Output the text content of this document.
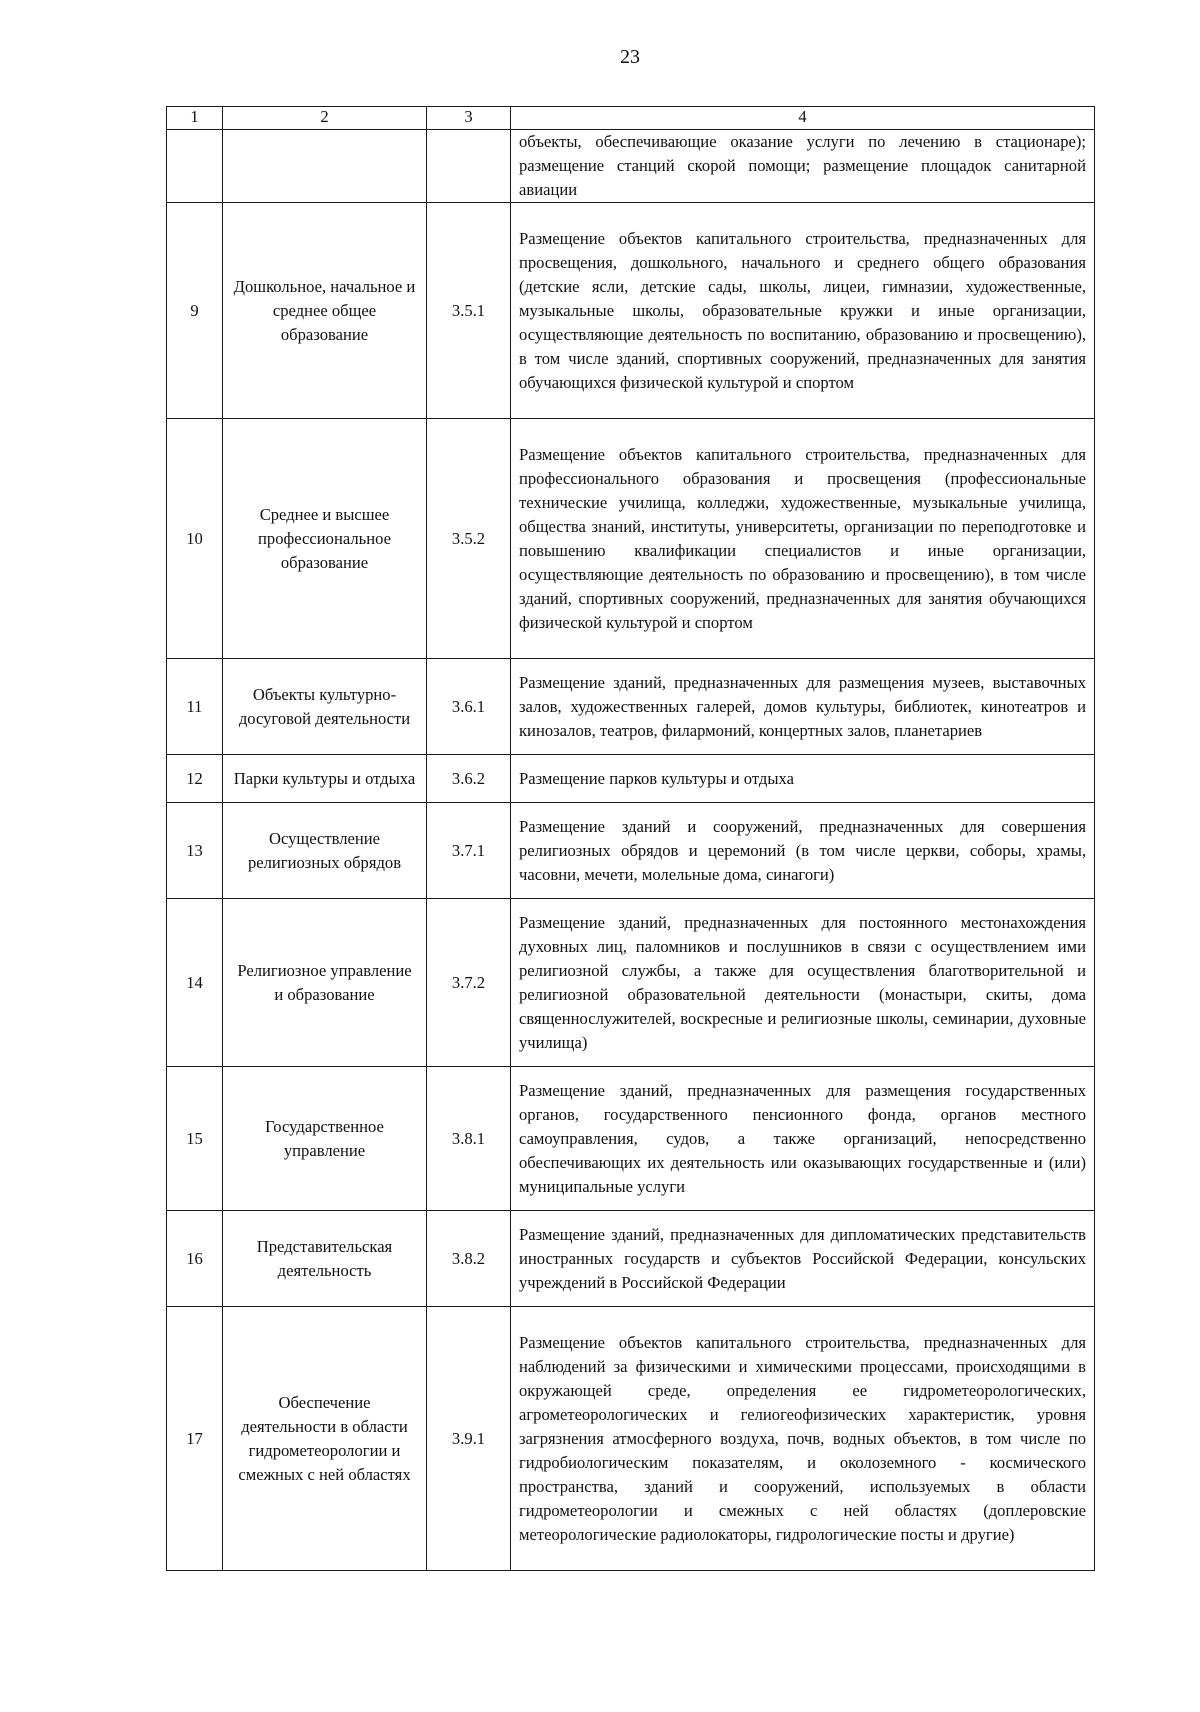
23
1	2	3	4
			объекты, обеспечивающие оказание услуги по лечению в стационаре); размещение станций скорой помощи; размещение площадок санитарной авиации
9	Дошкольное, начальное и среднее общее образование	3.5.1	Размещение объектов капитального строительства, предназначенных для просвещения, дошкольного, начального и среднего общего образования (детские ясли, детские сады, школы, лицеи, гимназии, художественные, музыкальные школы, образовательные кружки и иные организации, осуществляющие деятельность по воспитанию, образованию и просвещению), в том числе зданий, спортивных сооружений, предназначенных для занятия обучающихся физической культурой и спортом
10	Среднее и высшее профессиональное образование	3.5.2	Размещение объектов капитального строительства, предназначенных для профессионального образования и просвещения (профессиональные технические училища, колледжи, художественные, музыкальные училища, общества знаний, институты, университеты, организации по переподготовке и повышению квалификации специалистов и иные организации, осуществляющие деятельность по образованию и просвещению), в том числе зданий, спортивных сооружений, предназначенных для занятия обучающихся физической культурой и спортом
11	Объекты культурно-досуговой деятельности	3.6.1	Размещение зданий, предназначенных для размещения музеев, выставочных залов, художественных галерей, домов культуры, библиотек, кинотеатров и кинозалов, театров, филармоний, концертных залов, планетариев
12	Парки культуры и отдыха	3.6.2	Размещение парков культуры и отдыха
13	Осуществление религиозных обрядов	3.7.1	Размещение зданий и сооружений, предназначенных для совершения религиозных обрядов и церемоний (в том числе церкви, соборы, храмы, часовни, мечети, молельные дома, синагоги)
14	Религиозное управление и образование	3.7.2	Размещение зданий, предназначенных для постоянного местонахождения духовных лиц, паломников и послушников в связи с осуществлением ими религиозной службы, а также для осуществления благотворительной и религиозной образовательной деятельности (монастыри, скиты, дома священнослужителей, воскресные и религиозные школы, семинарии, духовные училища)
15	Государственное управление	3.8.1	Размещение зданий, предназначенных для размещения государственных органов, государственного пенсионного фонда, органов местного самоуправления, судов, а также организаций, непосредственно обеспечивающих их деятельность или оказывающих государственные и (или) муниципальные услуги
16	Представительская деятельность	3.8.2	Размещение зданий, предназначенных для дипломатических представительств иностранных государств и субъектов Российской Федерации, консульских учреждений в Российской Федерации
17	Обеспечение деятельности в области гидрометеорологии и смежных с ней областях	3.9.1	Размещение объектов капитального строительства, предназначенных для наблюдений за физическими и химическими процессами, происходящими в окружающей среде, определения ее гидрометеорологических, агрометеорологических и гелиогеофизических характеристик, уровня загрязнения атмосферного воздуха, почв, водных объектов, в том числе по гидробиологическим показателям, и околоземного - космического пространства, зданий и сооружений, используемых в области гидрометеорологии и смежных с ней областях (доплеровские метеорологические радиолокаторы, гидрологические посты и другие)
